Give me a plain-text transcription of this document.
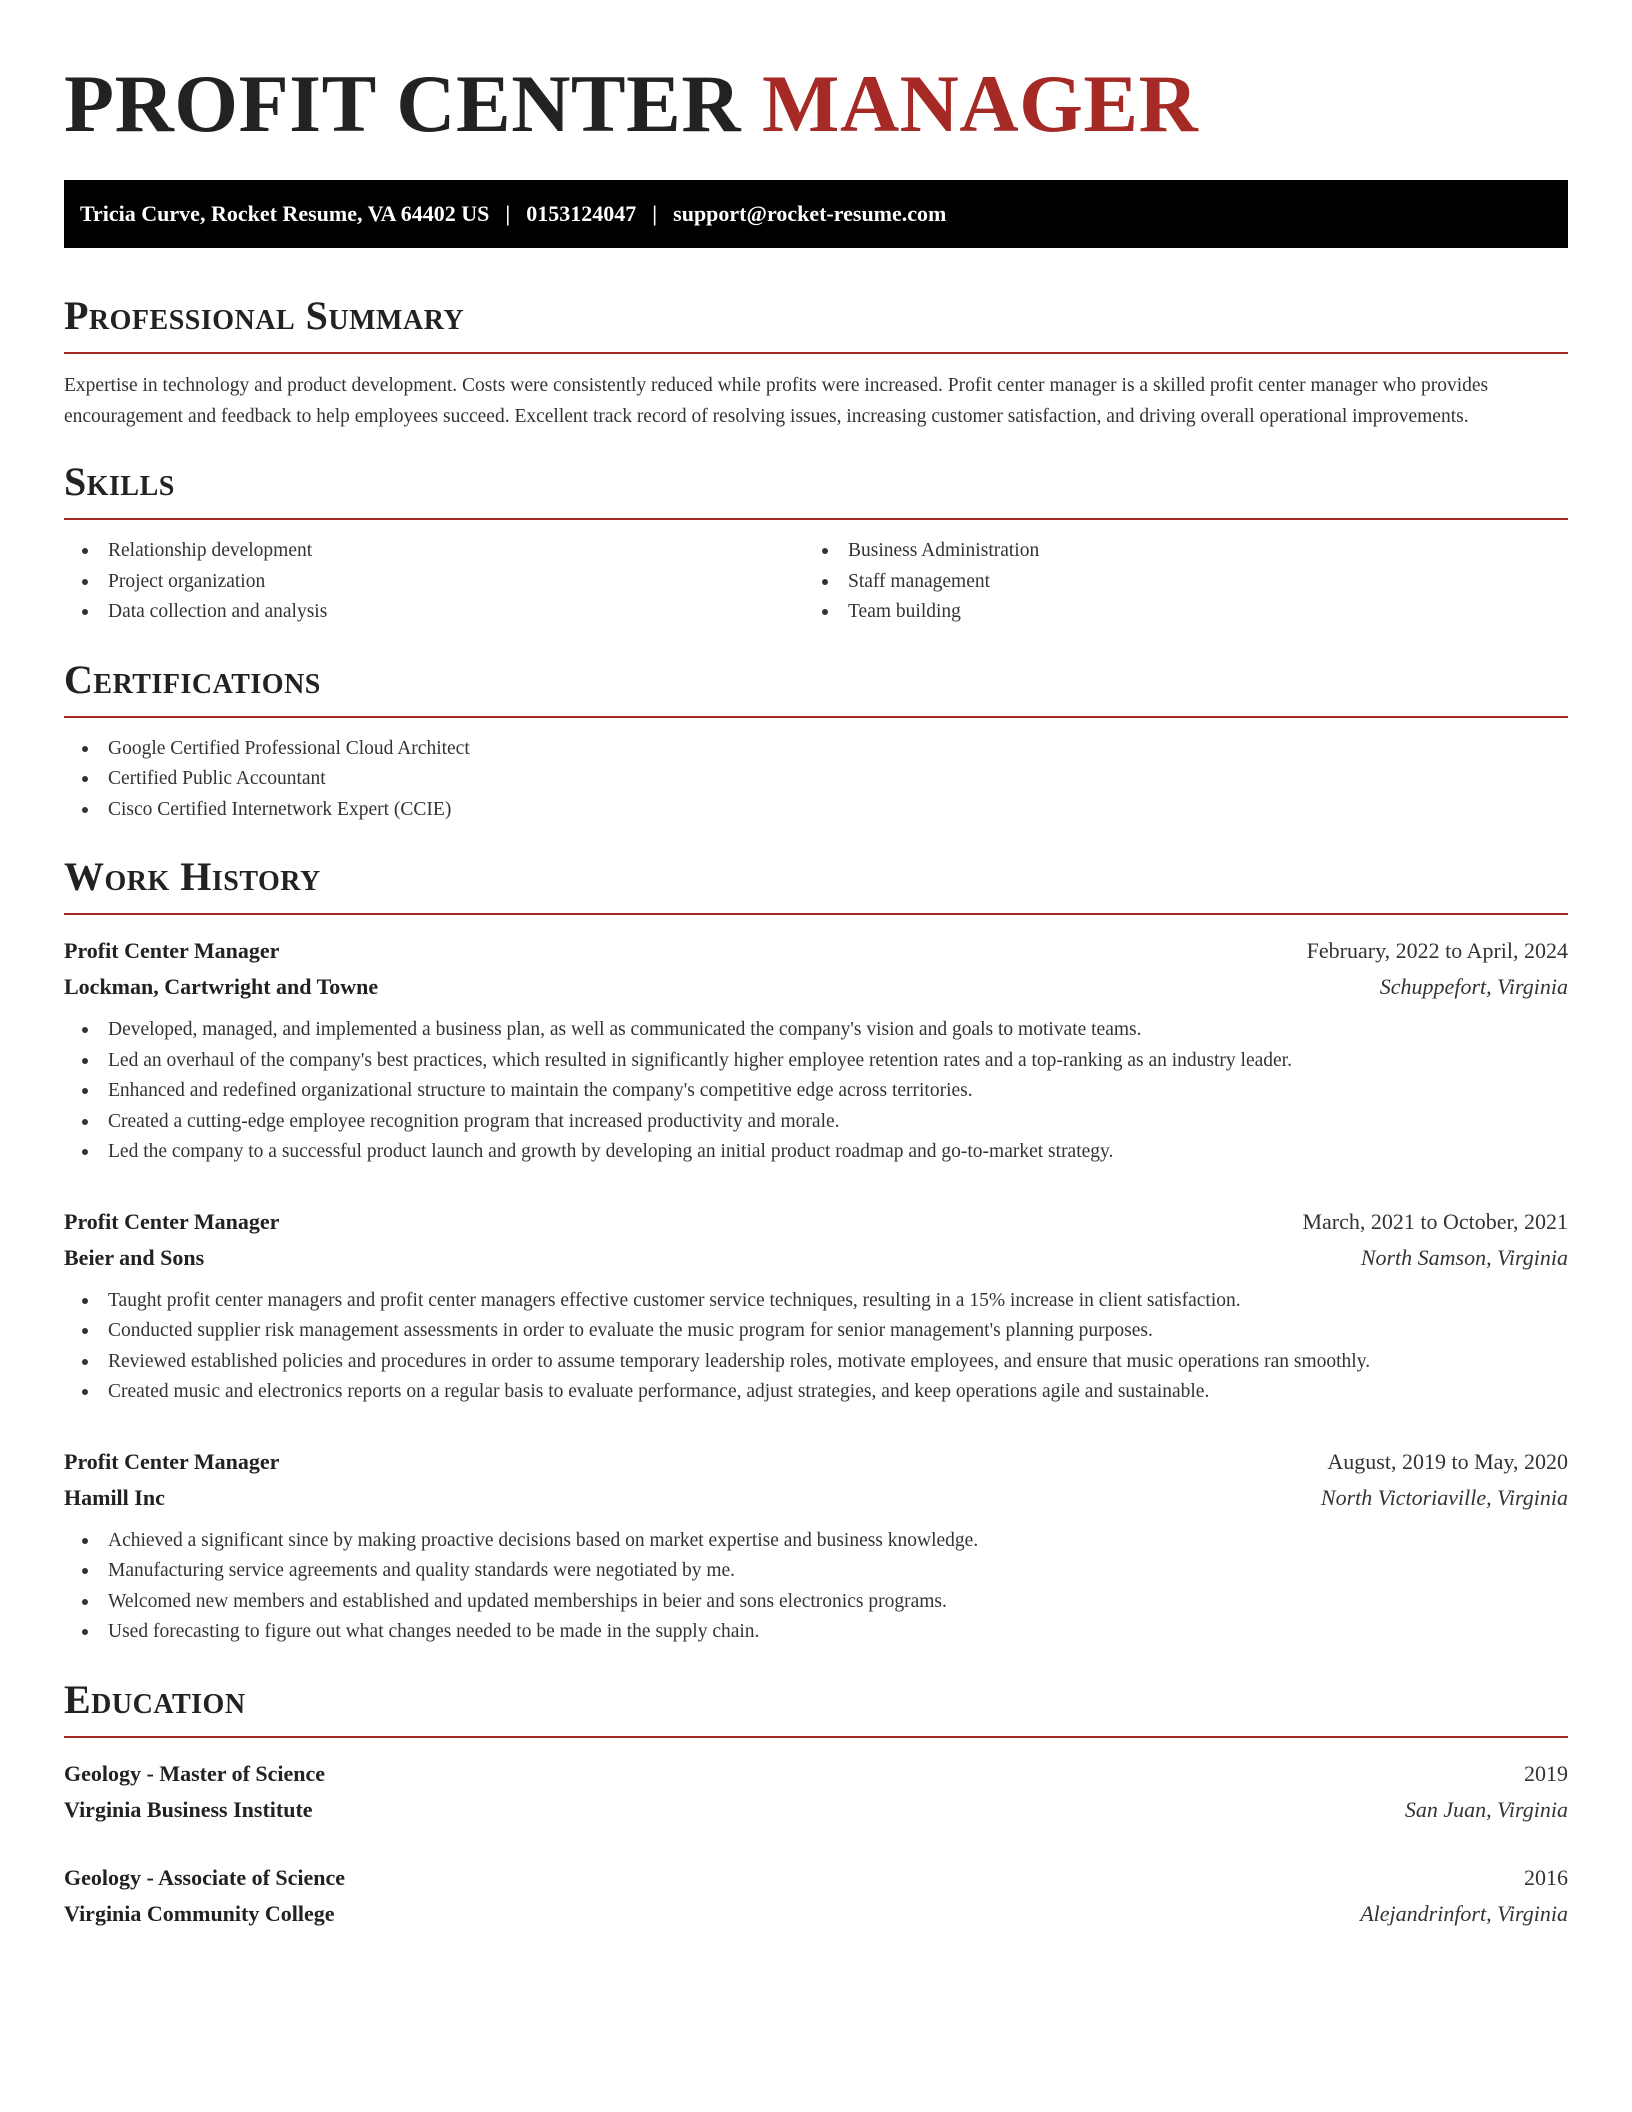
PROFIT CENTER MANAGER
Tricia Curve, Rocket Resume, VA 64402 US | 0153124047 | support@rocket-resume.com
Professional Summary

Expertise in technology and product development. Costs were consistently reduced while profits were increased. Profit center manager is a skilled profit center manager who provides encouragement and feedback to help employees succeed. Excellent track record of resolving issues, increasing customer satisfaction, and driving overall operational improvements.

Skills
Relationship development
Project organization
Data collection and analysis
Business Administration
Staff management
Team building
Certifications
Google Certified Professional Cloud Architect
Certified Public Accountant
Cisco Certified Internetwork Expert (CCIE)
Work History
Profit Center Manager	February, 2022 to April, 2024
Lockman, Cartwright and Towne	Schuppefort, Virginia
Developed, managed, and implemented a business plan, as well as communicated the company's vision and goals to motivate teams.
Led an overhaul of the company's best practices, which resulted in significantly higher employee retention rates and a top-ranking as an industry leader.
Enhanced and redefined organizational structure to maintain the company's competitive edge across territories.
Created a cutting-edge employee recognition program that increased productivity and morale.
Led the company to a successful product launch and growth by developing an initial product roadmap and go-to-market strategy.
Profit Center Manager	March, 2021 to October, 2021
Beier and Sons	North Samson, Virginia
Taught profit center managers and profit center managers effective customer service techniques, resulting in a 15% increase in client satisfaction.
Conducted supplier risk management assessments in order to evaluate the music program for senior management's planning purposes.
Reviewed established policies and procedures in order to assume temporary leadership roles, motivate employees, and ensure that music operations ran smoothly.
Created music and electronics reports on a regular basis to evaluate performance, adjust strategies, and keep operations agile and sustainable.
Profit Center Manager	August, 2019 to May, 2020
Hamill Inc	North Victoriaville, Virginia
Achieved a significant since by making proactive decisions based on market expertise and business knowledge.
Manufacturing service agreements and quality standards were negotiated by me.
Welcomed new members and established and updated memberships in beier and sons electronics programs.
Used forecasting to figure out what changes needed to be made in the supply chain.
Education
Geology - Master of Science	2019
Virginia Business Institute	San Juan, Virginia
Geology - Associate of Science	2016
Virginia Community College	Alejandrinfort, Virginia
